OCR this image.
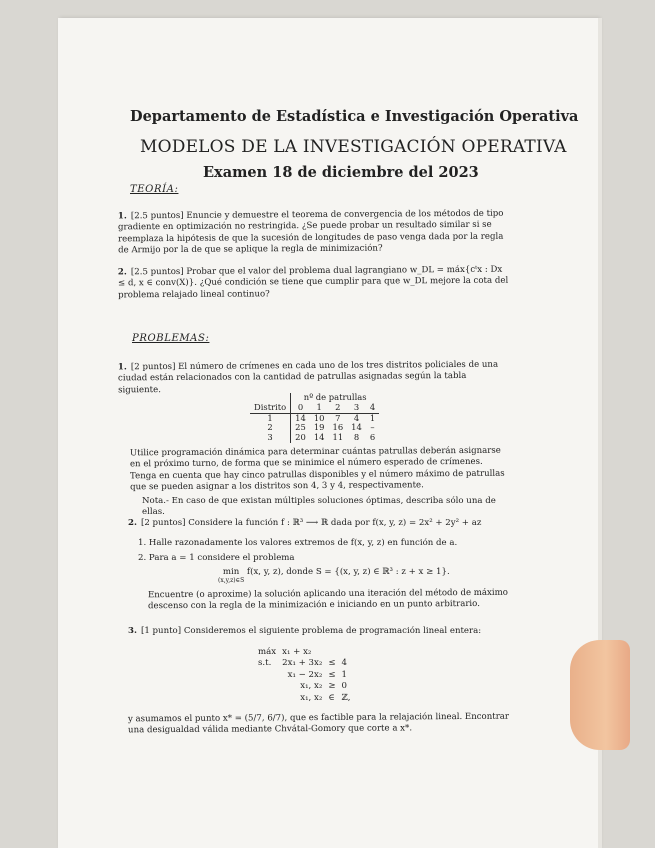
Departamento de Estadística e Investigación Operativa
MODELOS DE LA INVESTIGACIÓN OPERATIVA
Examen 18 de diciembre del 2023
TEORÍA:
1. [2.5 puntos] Enuncie y demuestre el teorema de convergencia de los métodos de tipo gradiente en optimización no restringida. ¿Se puede probar un resultado similar si se reemplaza la hipótesis de que la sucesión de longitudes de paso venga dada por la regla de Armijo por la de que se aplique la regla de minimización?
2. [2.5 puntos] Probar que el valor del problema dual lagrangiano w_DL = máx{cᵗx : Dx ≤ d, x ∈ conv(X)}. ¿Qué condición se tiene que cumplir para que w_DL mejore la cota del problema relajado lineal continuo?
PROBLEMAS:
1. [2 puntos] El número de crímenes en cada uno de los tres distritos policiales de una ciudad están relacionados con la cantidad de patrullas asignadas según la tabla siguiente.
	nº de patrullas				
Distrito	0	1	2	3	4
1	14	10	7	4	1
2	25	19	16	14	–
3	20	14	11	8	6
Utilice programación dinámica para determinar cuántas patrullas deberán asignarse en el próximo turno, de forma que se minimice el número esperado de crímenes. Tenga en cuenta que hay cinco patrullas disponibles y el número máximo de patrullas que se pueden asignar a los distritos son 4, 3 y 4, respectivamente.
Nota.- En caso de que existan múltiples soluciones óptimas, describa sólo una de ellas.
2. [2 puntos] Considere la función f : ℝ³ ⟶ ℝ dada por f(x, y, z) = 2x² + 2y² + az
1. Halle razonadamente los valores extremos de f(x, y, z) en función de a.
2. Para a = 1 considere el problema
min
(x,y,z)∈S
f(x, y, z), donde S = {(x, y, z) ∈ ℝ³ : z + x ≥ 1}.
Encuentre (o aproxime) la solución aplicando una iteración del método de máximo descenso con la regla de la minimización e iniciando en un punto arbitrario.
3. [1 punto] Consideremos el siguiente problema de programación lineal entera:
máx	x₁ + x₂		
s.t.	2x₁ + 3x₂	≤	4
	x₁ − 2x₂	≤	1
	x₁, x₂	≥	0
	x₁, x₂	∈	ℤ,
y asumamos el punto x* = (5/7, 6/7), que es factible para la relajación lineal. Encontrar una desigualdad válida mediante Chvátal-Gomory que corte a x*.
